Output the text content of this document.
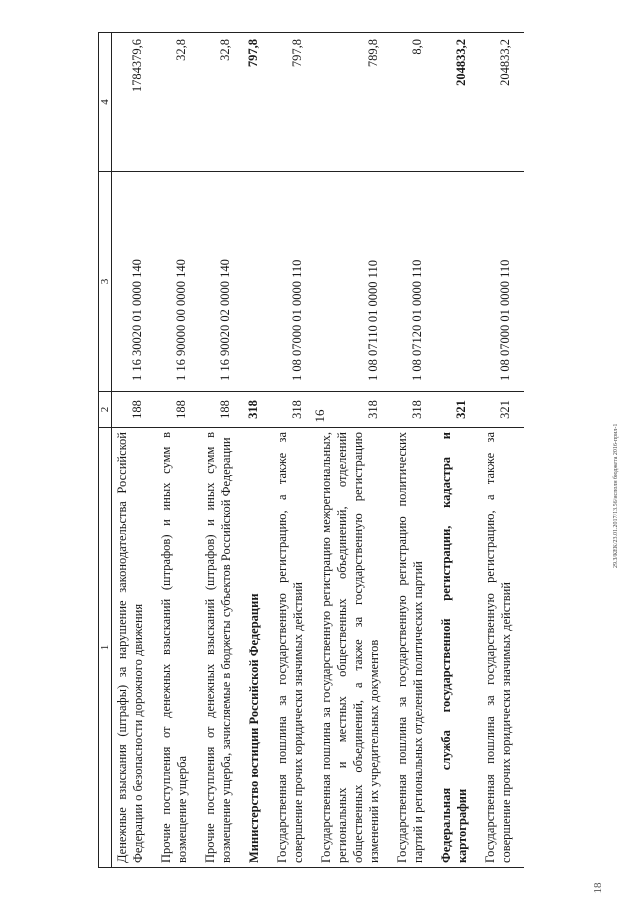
16
18
29.З/КЕК/23.01.2017/13.56/исполн бюджета 2016-прил-1
1	2	3	4
Денежные взыскания (штрафы) за нарушение законодательства Российской Федерации о безопасности дорожного движения	188	1 16 30020 01 0000 140	1784379,6
Прочие поступления от денежных взысканий (штрафов) и иных сумм в возмещение ущерба	188	1 16 90000 00 0000 140	32,8
Прочие поступления от денежных взысканий (штрафов) и иных сумм в возмещение ущерба, зачисляемые в бюджеты субъектов Российской Федерации	188	1 16 90020 02 0000 140	32,8
Министерство юстиции Российской Федерации	318		797,8
Государственная пошлина за государственную регистрацию, а также за совершение прочих юридически значимых действий	318	1 08 07000 01 0000 110	797,8
Государственная пошлина за государственную регистрацию межрегиональных, региональных и местных общественных объединений, отделений общественных объединений, а также за государственную регистрацию изменений их учредительных документов	318	1 08 07110 01 0000 110	789,8
Государственная пошлина за государственную регистрацию политических партий и региональных отделений политических партий	318	1 08 07120 01 0000 110	8,0
Федеральная служба государственной регистрации, кадастра и картографии	321		204833,2
Государственная пошлина за государственную регистрацию, а также за совершение прочих юридически значимых действий	321	1 08 07000 01 0000 110	204833,2
